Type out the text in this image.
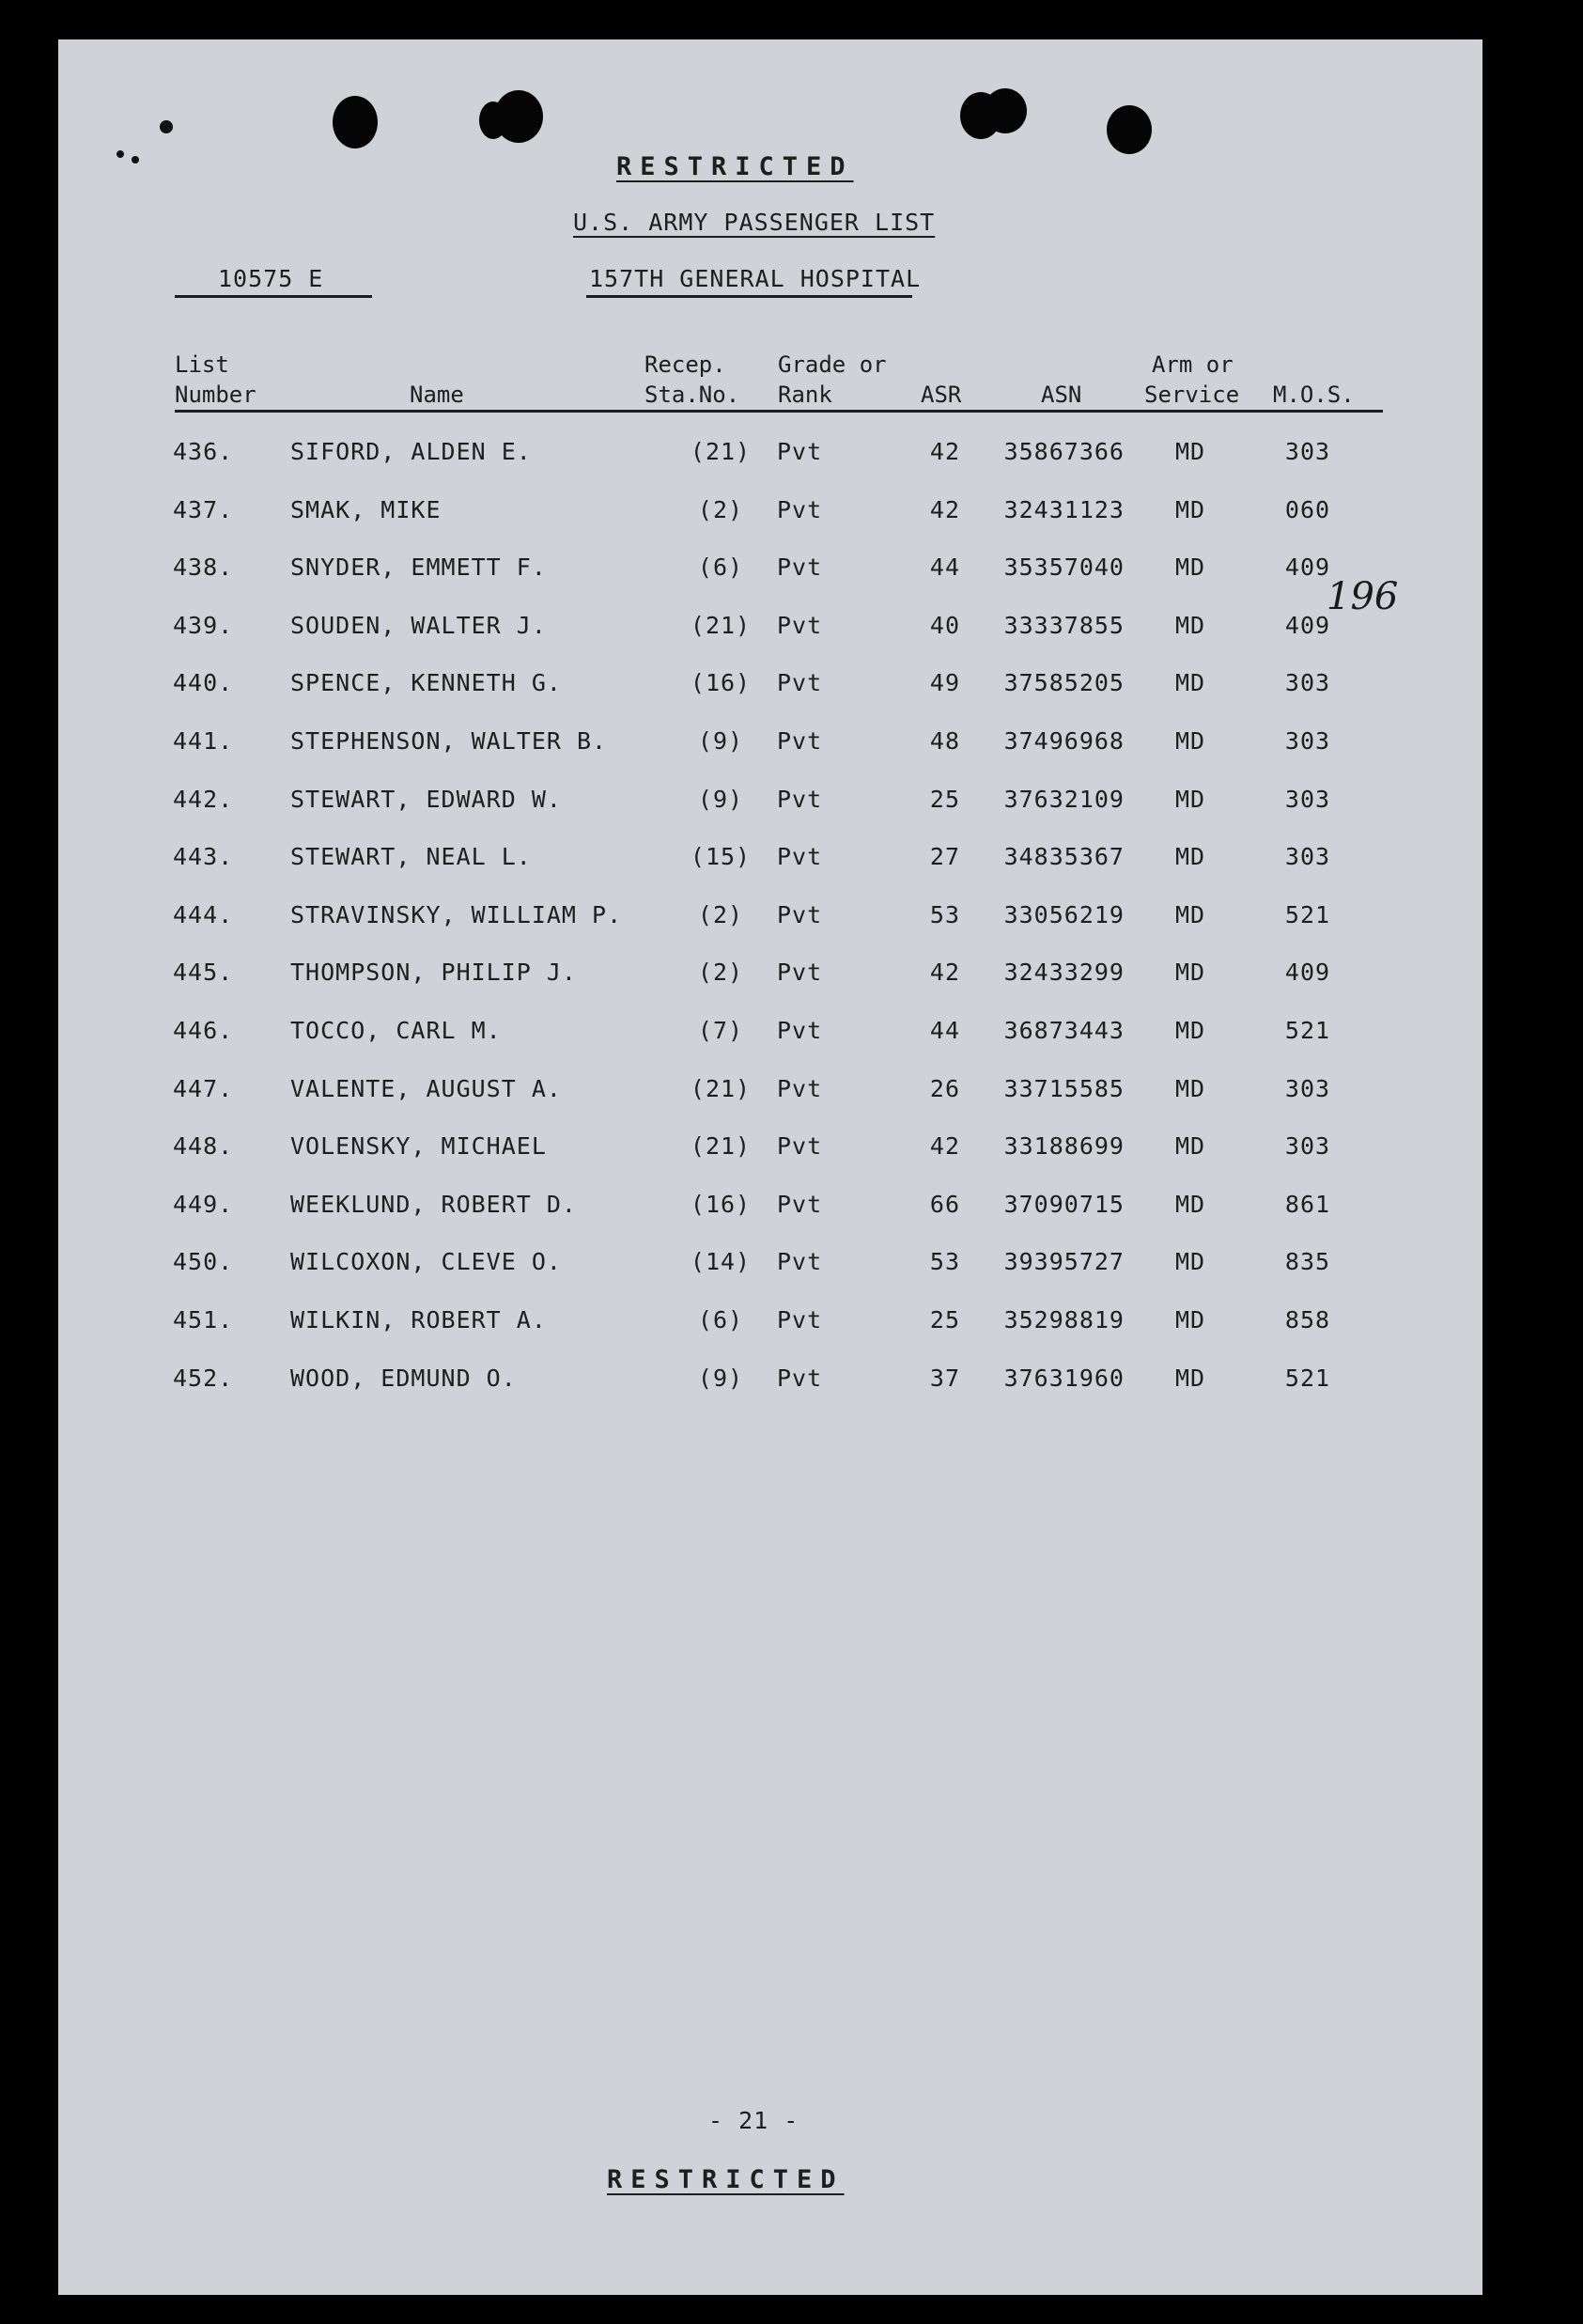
RESTRICTED
U.S. ARMY PASSENGER LIST
10575 E	157TH GENERAL HOSPITAL
List
Number	Name
Recep.
Sta.No.
Grade or
Rank	ASR	ASN
Arm or
Service M.O.S.
436. SIFORD, ALDEN E.	(21)	Pvt	42 35867366	MD	303
437. SMAK, MIKE	(2)	Pvt	42 32431123	MD	060
438. SNYDER, EMMETT F.	(6)	Pvt	44 35357040	MD	409
439. SOUDEN, WALTER J.	(21)	Pvt	40 33337855	MD	409
440. SPENCE, KENNETH G.	(16)	Pvt	49 37585205	MD	303
441. STEPHENSON, WALTER B.	(9)	Pvt	48 37496968	MD	303
442. STEWART, EDWARD W.	(9)	Pvt	25 37632109	MD	303
443. STEWART, NEAL L.	(15)	Pvt	27 34835367	MD	303
444. STRAVINSKY, WILLIAM P.	(2)	Pvt	53 33056219	MD	521
445. THOMPSON, PHILIP J.	(2)	Pvt	42 32433299	MD	409
446. TOCCO, CARL M.	(7)	Pvt	44 36873443	MD	521
447. VALENTE, AUGUST A.	(21)	Pvt	26 33715585	MD	303
448. VOLENSKY, MICHAEL	(21)	Pvt	42 33188699	MD	303
449. WEEKLUND, ROBERT D.	(16)	Pvt	66 37090715	MD	861
450. WILCOXON, CLEVE O.	(14)	Pvt	53 39395727	MD	835
451. WILKIN, ROBERT A.	(6)	Pvt	25 35298819	MD	858
452. WOOD, EDMUND O.	(9)	Pvt	37 37631960	MD	521
196
- 21 -
RESTRICTED
